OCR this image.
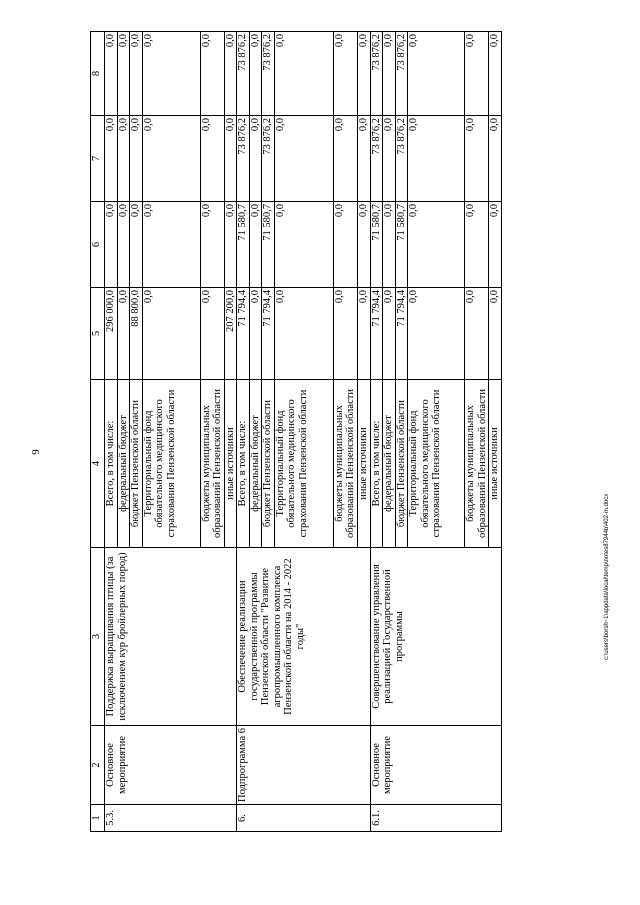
9
1	2	3	4	5	6	7	8
5.3.	Основное мероприятие	Поддержка выращивания птицы (за исключением кур бройлерных пород)	Всего, в том числе:	296 000,0	0,0	0,0	0,0
			федеральный бюджет	0,0	0,0	0,0	0,0
			бюджет Пензенской области	88 800,0	0,0	0,0	0,0
			Территориальный фонд обязательного медицинского страхования Пензенской области	0,0	0,0	0,0	0,0
			бюджеты муниципальных образований Пензенской области	0,0	0,0	0,0	0,0
			иные источники	207 200,0	0,0	0,0	0,0
6.	Подпрограмма 6	Обеспечение реализации государственной программы Пензенской области "Развитие агропромышленного комплекса Пензенской области на 2014 - 2022 годы"	Всего, в том числе:	71 794,4	71 580,7	73 876,2	73 876,2
			федеральный бюджет	0,0	0,0	0,0	0,0
			бюджет Пензенской области	71 794,4	71 580,7	73 876,2	73 876,2
			Территориальный фонд обязательного медицинского страхования Пензенской области	0,0	0,0	0,0	0,0
			бюджеты муниципальных образований Пензенской области	0,0	0,0	0,0	0,0
			иные источники	0,0	0,0	0,0	0,0
6.1.	Основное мероприятие	Совершенствование управления реализацией Государственной программы	Всего, в том числе:	71 794,4	71 580,7	73 876,2	73 876,2
			федеральный бюджет	0,0	0,0	0,0	0,0
			бюджет Пензенской области	71 794,4	71 580,7	73 876,2	73 876,2
			Территориальный фонд обязательного медицинского страхования Пензенской области	0,0	0,0	0,0	0,0
			бюджеты муниципальных образований Пензенской области	0,0	0,0	0,0	0,0
			иные источники	0,0	0,0	0,0	0,0
c:\users\borsh~1\appdata\local\temp\notes87944b\402-m.docx
